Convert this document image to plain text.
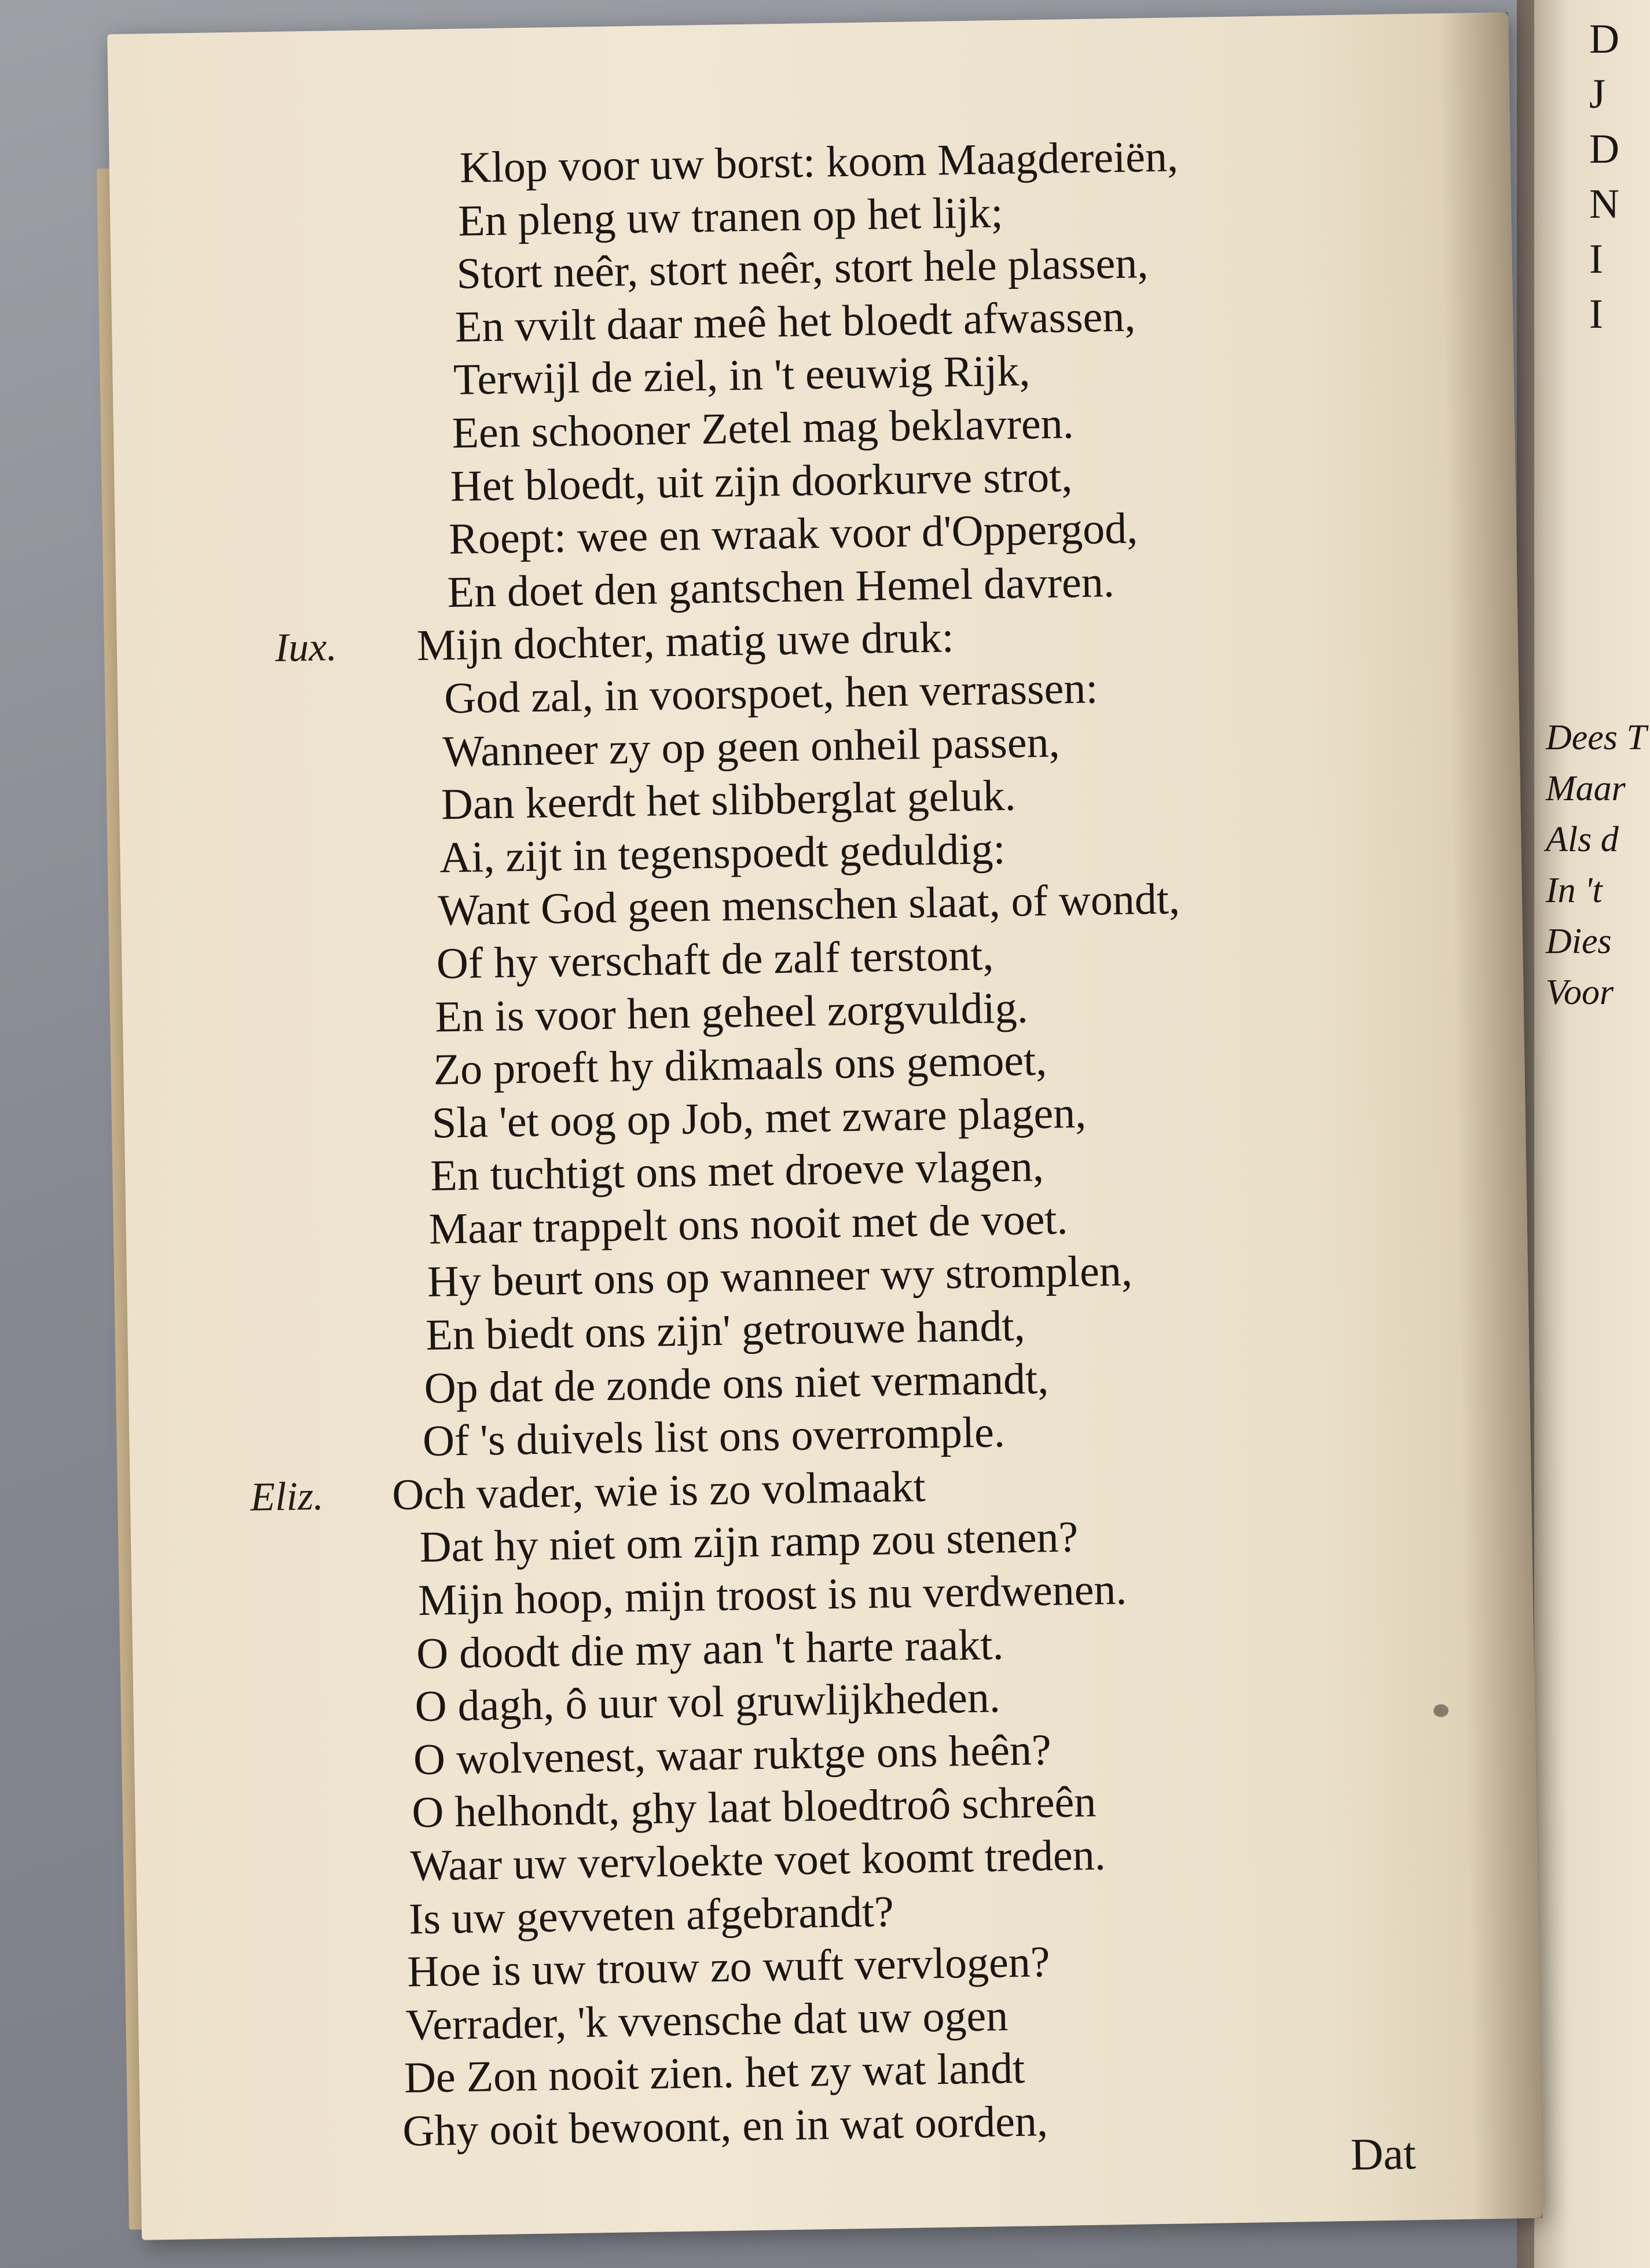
D
J
D
N
I
I
Dees T
Maar
Als d
In 't
Dies
Voor
Klop voor uw borst: koom Maagdereiën,
En pleng uw tranen op het lijk;
Stort neêr, stort neêr, stort hele plassen,
En vvilt daar meê het bloedt afwassen,
Terwijl de ziel, in 't eeuwig Rijk,
Een schooner Zetel mag beklavren.
Het bloedt, uit zijn doorkurve strot,
Roept: wee en wraak voor d'Oppergod,
En doet den gantschen Hemel davren.
Iux. Mijn dochter, matig uwe druk:
God zal, in voorspoet, hen verrassen:
Wanneer zy op geen onheil passen,
Dan keerdt het slibberglat geluk.
Ai, zijt in tegenspoedt geduldig:
Want God geen menschen slaat, of wondt,
Of hy verschaft de zalf terstont,
En is voor hen geheel zorgvuldig.
Zo proeft hy dikmaals ons gemoet,
Sla 'et oog op Job, met zware plagen,
En tuchtigt ons met droeve vlagen,
Maar trappelt ons nooit met de voet.
Hy beurt ons op wanneer wy stromplen,
En biedt ons zijn' getrouwe handt,
Op dat de zonde ons niet vermandt,
Of 's duivels list ons overromple.
Eliz. Och vader, wie is zo volmaakt
Dat hy niet om zijn ramp zou stenen?
Mijn hoop, mijn troost is nu verdwenen.
O doodt die my aan 't harte raakt.
O dagh, ô uur vol gruwlijkheden.
O wolvenest, waar ruktge ons heên?
O helhondt, ghy laat bloedtroô schreên
Waar uw vervloekte voet koomt treden.
Is uw gevveten afgebrandt?
Hoe is uw trouw zo wuft vervlogen?
Verrader, 'k vvensche dat uw ogen
De Zon nooit zien. het zy wat landt
Ghy ooit bewoont, en in wat oorden,	Dat
